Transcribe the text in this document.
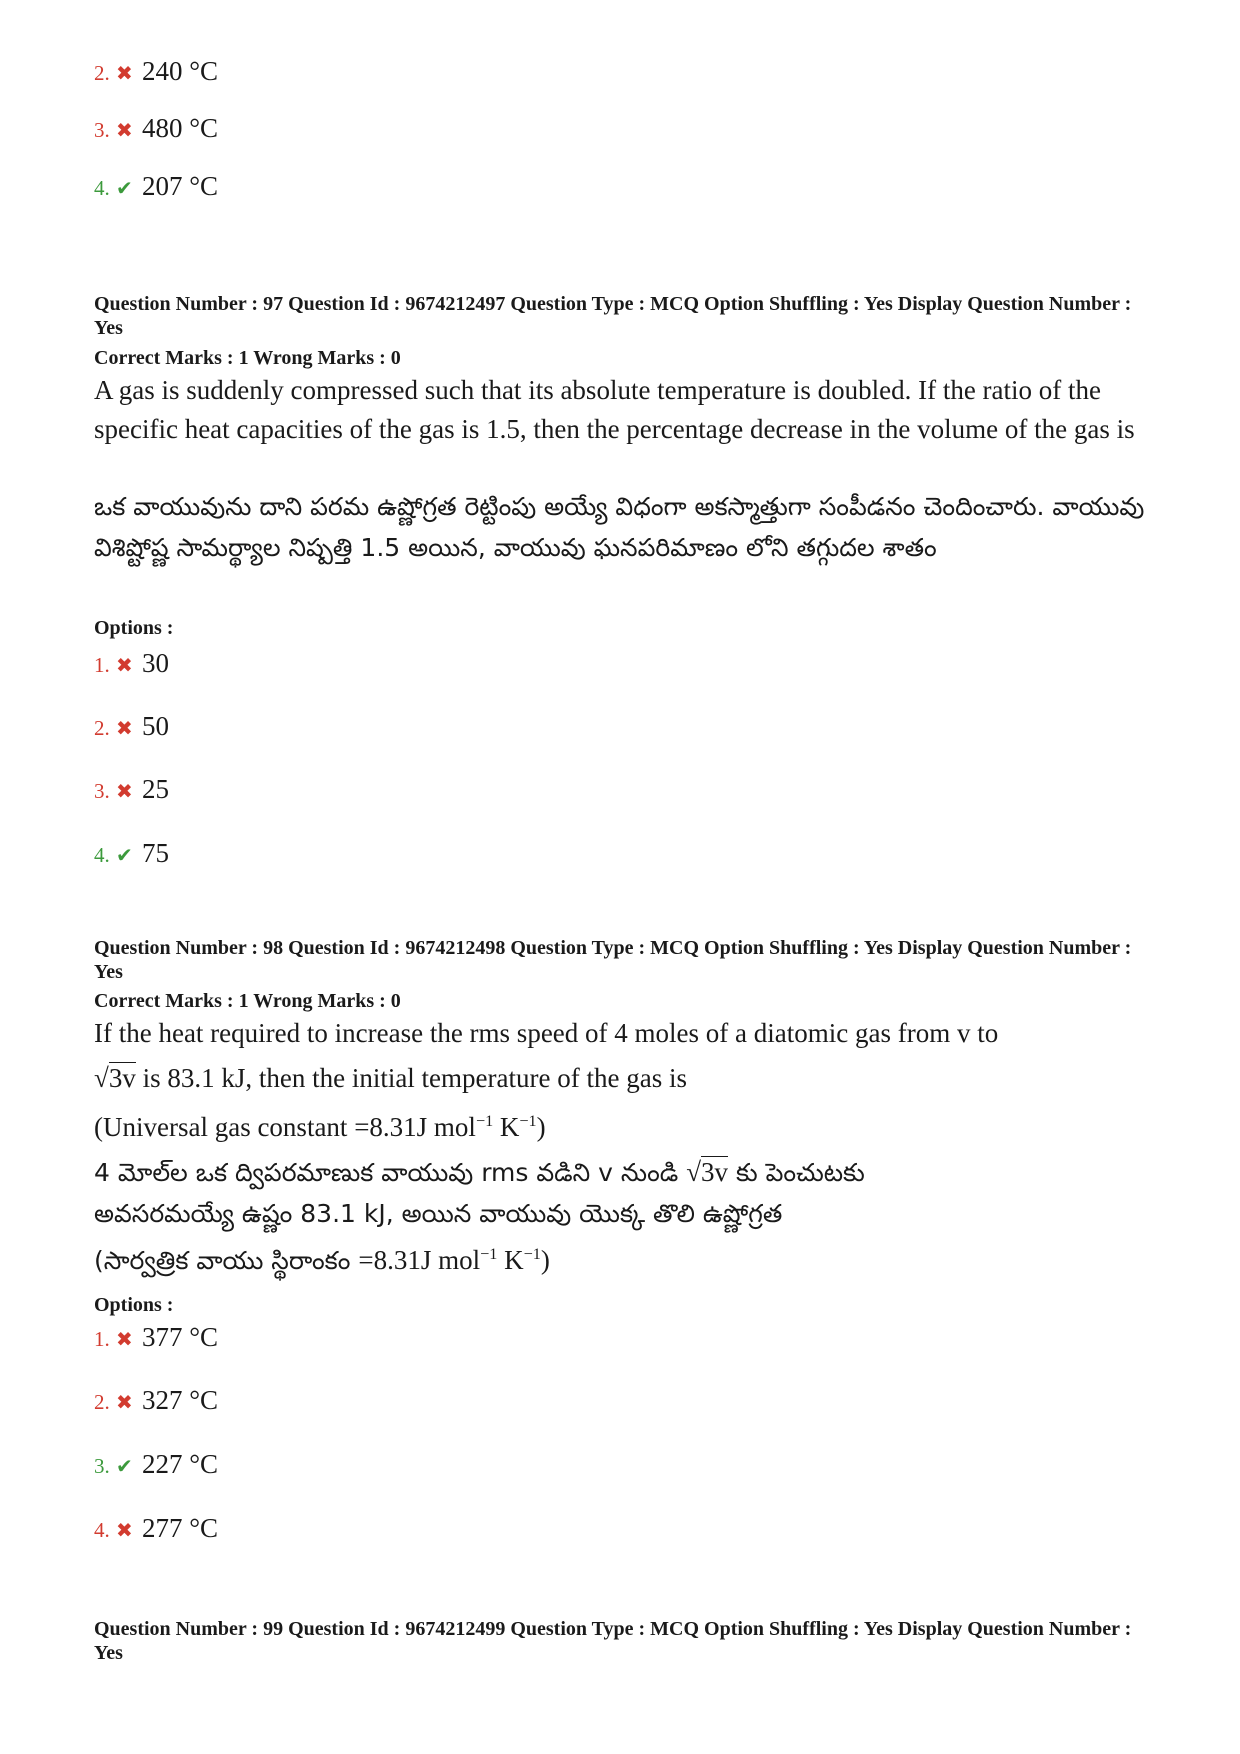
2. ✖ 240 °C
3. ✖ 480 °C
4. ✔ 207 °C
Question Number : 97 Question Id : 9674212497 Question Type : MCQ Option Shuffling : Yes Display Question Number : Yes
Correct Marks : 1 Wrong Marks : 0
A gas is suddenly compressed such that its absolute temperature is doubled. If the ratio of the specific heat capacities of the gas is 1.5, then the percentage decrease in the volume of the gas is
ఒక వాయువును దాని పరమ ఉష్ణోగ్రత రెట్టింపు అయ్యే విధంగా అకస్మాత్తుగా సంపీడనం చెందించారు. వాయువు విశిష్టోష్ణ సామర్థ్యాల నిష్పత్తి 1.5 అయిన, వాయువు ఘనపరిమాణం లోని తగ్గుదల శాతం
Options :
1. ✖ 30
2. ✖ 50
3. ✖ 25
4. ✔ 75
Question Number : 98 Question Id : 9674212498 Question Type : MCQ Option Shuffling : Yes Display Question Number : Yes
Correct Marks : 1 Wrong Marks : 0
If the heat required to increase the rms speed of 4 moles of a diatomic gas from v to
√3v is 83.1 kJ, then the initial temperature of the gas is
(Universal gas constant =8.31J mol$^{-1}$ $K^{-1}$)
4 మోల్‌ల ఒక ద్విపరమాణుక వాయువు rms వడిని v నుండి √3v కు పెంచుటకు
అవసరమయ్యే ఉష్ణం 83.1 kJ, అయిన వాయువు యొక్క తొలి ఉష్ణోగ్రత
(సార్వత్రిక వాయు స్థిరాంకం =8.31J mol$^{-1}$ $K^{-1}$)
Options :
1. ✖ 377 °C
2. ✖ 327 °C
3. ✔ 227 °C
4. ✖ 277 °C
Question Number : 99 Question Id : 9674212499 Question Type : MCQ Option Shuffling : Yes Display Question Number : Yes
